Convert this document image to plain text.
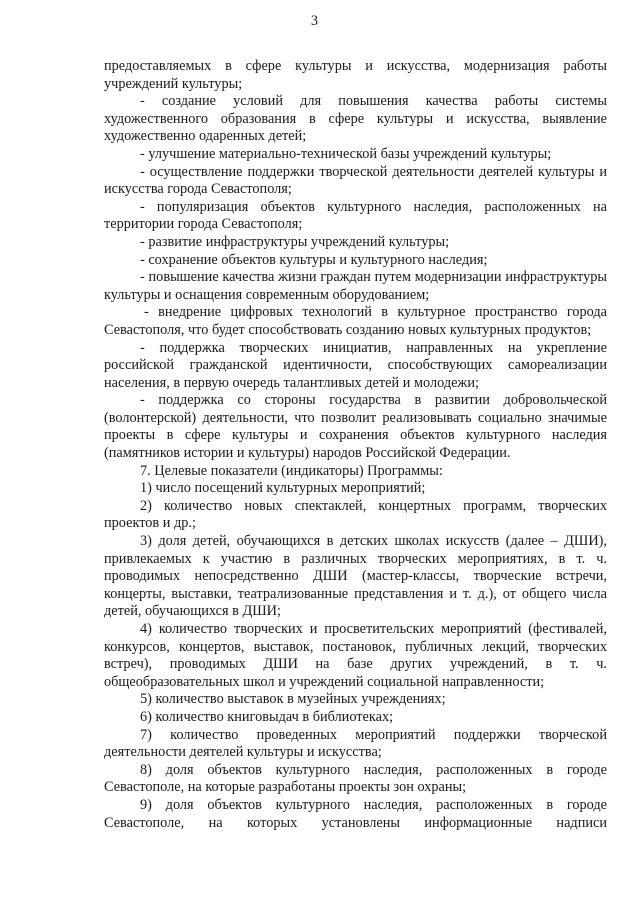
3

предоставляемых в сфере культуры и искусства, модернизация работы учреждений культуры;

- создание условий для повышения качества работы системы художественного образования в сфере культуры и искусства, выявление художественно одаренных детей;

- улучшение материально-технической базы учреждений культуры;

- осуществление поддержки творческой деятельности деятелей культуры и искусства города Севастополя;

- популяризация объектов культурного наследия, расположенных на территории города Севастополя;

- развитие инфраструктуры учреждений культуры;

- сохранение объектов культуры и культурного наследия;

- повышение качества жизни граждан путем модернизации инфраструктуры культуры и оснащения современным оборудованием;

- внедрение цифровых технологий в культурное пространство города Севастополя, что будет способствовать созданию новых культурных продуктов;

- поддержка творческих инициатив, направленных на укрепление российской гражданской идентичности, способствующих самореализации населения, в первую очередь талантливых детей и молодежи;

- поддержка со стороны государства в развитии добровольческой (волонтерской) деятельности, что позволит реализовывать социально значимые проекты в сфере культуры и сохранения объектов культурного наследия (памятников истории и культуры) народов Российской Федерации.

7. Целевые показатели (индикаторы) Программы:

1) число посещений культурных мероприятий;

2) количество новых спектаклей, концертных программ, творческих проектов и др.;

3) доля детей, обучающихся в детских школах искусств (далее – ДШИ), привлекаемых к участию в различных творческих мероприятиях, в т. ч. проводимых непосредственно ДШИ (мастер-классы, творческие встречи, концерты, выставки, театрализованные представления и т. д.), от общего числа детей, обучающихся в ДШИ;

4) количество творческих и просветительских мероприятий (фестивалей, конкурсов, концертов, выставок, постановок, публичных лекций, творческих встреч), проводимых ДШИ на базе других учреждений, в т. ч. общеобразовательных школ и учреждений социальной направленности;

5) количество выставок в музейных учреждениях;

6) количество книговыдач в библиотеках;

7) количество проведенных мероприятий поддержки творческой деятельности деятелей культуры и искусства;

8) доля объектов культурного наследия, расположенных в городе Севастополе, на которые разработаны проекты зон охраны;

9) доля объектов культурного наследия, расположенных в городе Севастополе, на которых установлены информационные надписи
